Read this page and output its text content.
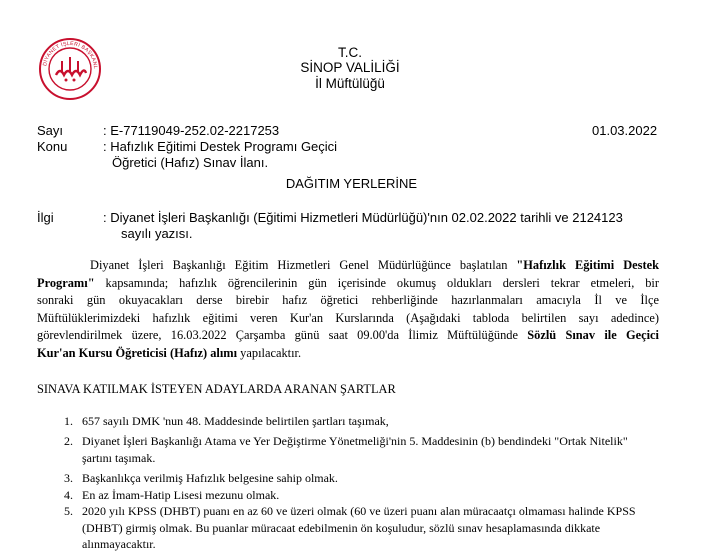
DİYANET İŞLERİ BAŞKANL
T.C.
SİNOP VALİLİĞİ
İl Müftülüğü
Sayı	: E-77119049-252.02-2217253	01.03.2022
Konu	: Hafızlık Eğitimi Destek Programı Geçici
Öğretici (Hafız) Sınav İlanı.
DAĞITIM YERLERİNE
İlgi	: Diyanet İşleri Başkanlığı (Eğitimi Hizmetleri Müdürlüğü)'nın 02.02.2022 tarihli ve 2124123
sayılı yazısı.
Diyanet İşleri Başkanlığı Eğitim Hizmetleri Genel Müdürlüğünce başlatılan "Hafızlık Eğitimi Destek
Programı" kapsamında; hafızlık öğrencilerinin gün içerisinde okumuş oldukları dersleri tekrar etmeleri, bir
sonraki gün okuyacakları derse birebir hafız öğretici rehberliğinde hazırlanmaları amacıyla İl ve İlçe
Müftülüklerimizdeki hafızlık eğitimi veren Kur'an Kurslarında (Aşağıdaki tabloda belirtilen sayı adedince)
görevlendirilmek üzere, 16.03.2022 Çarşamba günü saat 09.00'da İlimiz Müftülüğünde Sözlü Sınav ile Geçici
Kur'an Kursu Öğreticisi (Hafız) alımı yapılacaktır.
SINAVA KATILMAK İSTEYEN ADAYLARDA ARANAN ŞARTLAR
1. 657 sayılı DMK 'nun 48. Maddesinde belirtilen şartları taşımak,
2. Diyanet İşleri Başkanlığı Atama ve Yer Değiştirme Yönetmeliği'nin 5. Maddesinin (b) bendindeki "Ortak Nitelik"
şartını taşımak.
3. Başkanlıkça verilmiş Hafızlık belgesine sahip olmak.
4. En az İmam-Hatip Lisesi mezunu olmak.
5. 2020 yılı KPSS (DHBT) puanı en az 60 ve üzeri olmak (60 ve üzeri puanı alan müracaatçı olmaması halinde KPSS
(DHBT) girmiş olmak. Bu puanlar müracaat edebilmenin ön koşuludur, sözlü sınav hesaplamasında dikkate
alınmayacaktır.
